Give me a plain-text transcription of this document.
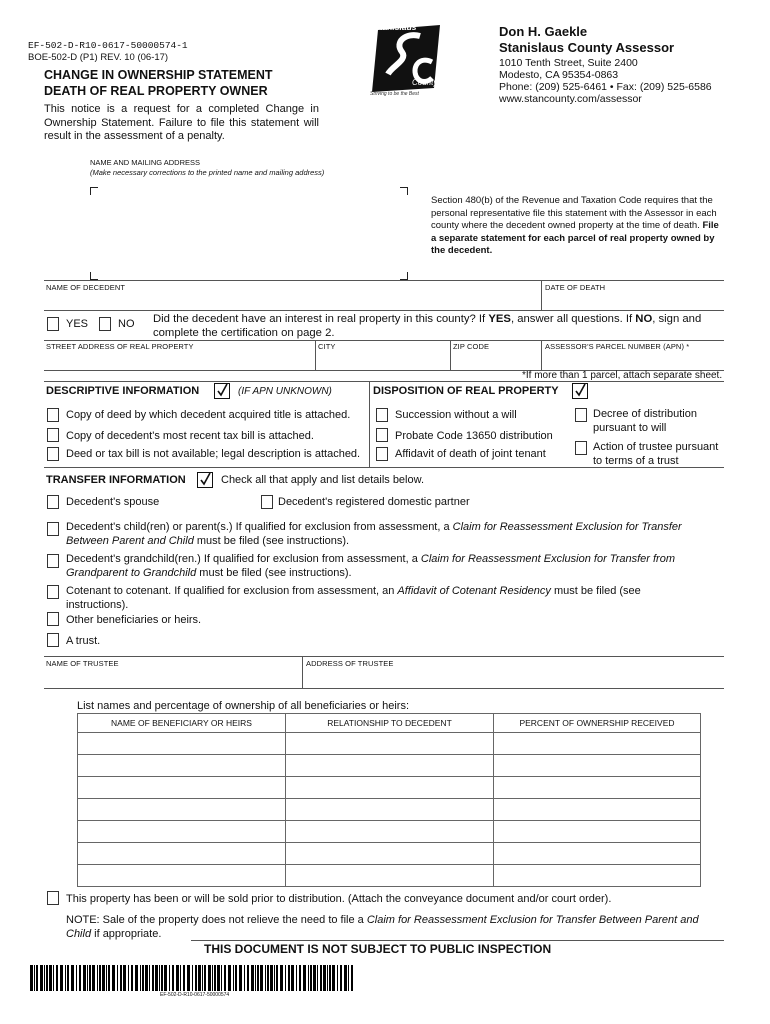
EF-502-D-R10-0617-50000574-1
BOE-502-D (P1) REV. 10 (06-17)
CHANGE IN OWNERSHIP STATEMENT
DEATH OF REAL PROPERTY OWNER
This notice is a request for a completed Change in Ownership Statement. Failure to file this statement will result in the assessment of a penalty.
Stanislaus
County
Striving to be the Best
Don H. Gaekle
Stanislaus County Assessor
1010 Tenth Street, Suite 2400
Modesto, CA 95354-0863
Phone: (209) 525-6461 • Fax: (209) 525-6586
www.stancounty.com/assessor
NAME AND MAILING ADDRESS
(Make necessary corrections to the printed name and mailing address)
Section 480(b) of the Revenue and Taxation Code requires that the personal representative file this statement with the Assessor in each county where the decedent owned property at the time of death. File a separate statement for each parcel of real property owned by the decedent.
NAME OF DECEDENT	DATE OF DEATH
YES	NO Did the decedent have an interest in real property in this county? If YES, answer all questions. If NO, sign and complete the certification on page 2.
STREET ADDRESS OF REAL PROPERTY	CITY	ZIP CODE	ASSESSOR'S PARCEL NUMBER (APN) *
*If more than 1 parcel, attach separate sheet.
DESCRIPTIVE INFORMATION	(IF APN UNKNOWN)	DISPOSITION OF REAL PROPERTY
Copy of deed by which decedent acquired title is attached.
Copy of decedent's most recent tax bill is attached.
Deed or tax bill is not available; legal description is attached.
Succession without a will
Probate Code 13650 distribution
Affidavit of death of joint tenant
Decree of distribution pursuant to will
Action of trustee pursuant to terms of a trust
TRANSFER INFORMATION	Check all that apply and list details below.
Decedent's spouse	Decedent's registered domestic partner
Decedent's child(ren) or parent(s.) If qualified for exclusion from assessment, a Claim for Reassessment Exclusion for Transfer Between Parent and Child must be filed (see instructions).
Decedent's grandchild(ren.) If qualified for exclusion from assessment, a Claim for Reassessment Exclusion for Transfer from Grandparent to Grandchild must be filed (see instructions).
Cotenant to cotenant. If qualified for exclusion from assessment, an Affidavit of Cotenant Residency must be filed (see instructions).
Other beneficiaries or heirs.
A trust.
NAME OF TRUSTEE	ADDRESS OF TRUSTEE
List names and percentage of ownership of all beneficiaries or heirs:
NAME OF BENEFICIARY OR HEIRS	RELATIONSHIP TO DECEDENT	PERCENT OF OWNERSHIP RECEIVED

This property has been or will be sold prior to distribution. (Attach the conveyance document and/or court order).
NOTE: Sale of the property does not relieve the need to file a Claim for Reassessment Exclusion for Transfer Between Parent and Child if appropriate.
THIS DOCUMENT IS NOT SUBJECT TO PUBLIC INSPECTION
EF-502-D-R10-0617-50000574
